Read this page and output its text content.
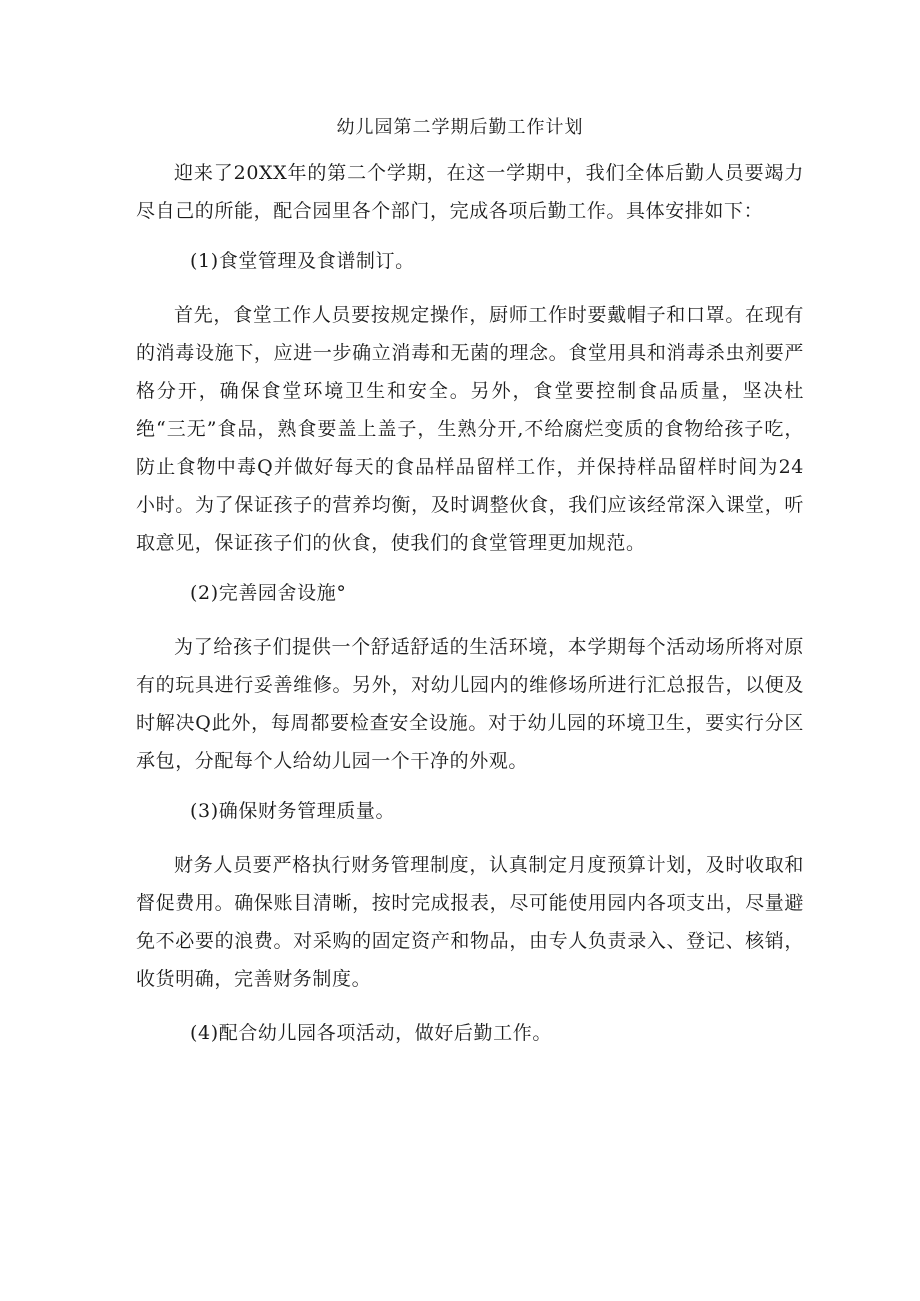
幼儿园第二学期后勤工作计划

迎来了20XX年的第二个学期，在这一学期中，我们全体后勤人员要竭力尽自己的所能，配合园里各个部门，完成各项后勤工作。具体安排如下：

(1)食堂管理及食谱制订。

首先，食堂工作人员要按规定操作，厨师工作时要戴帽子和口罩。在现有的消毒设施下，应进一步确立消毒和无菌的理念。食堂用具和消毒杀虫剂要严格分开，确保食堂环境卫生和安全。另外，食堂要控制食品质量，坚决杜绝“三无”食品，熟食要盖上盖子，生熟分开,不给腐烂变质的食物给孩子吃，防止食物中毒Q并做好每天的食品样品留样工作，并保持样品留样时间为24小时。为了保证孩子的营养均衡，及时调整伙食，我们应该经常深入课堂，听取意见，保证孩子们的伙食，使我们的食堂管理更加规范。

(2)完善园舍设施°

为了给孩子们提供一个舒适舒适的生活环境，本学期每个活动场所将对原有的玩具进行妥善维修。另外，对幼儿园内的维修场所进行汇总报告，以便及时解决Q此外，每周都要检查安全设施。对于幼儿园的环境卫生，要实行分区承包，分配每个人给幼儿园一个干净的外观。

(3)确保财务管理质量。

财务人员要严格执行财务管理制度，认真制定月度预算计划，及时收取和督促费用。确保账目清晰，按时完成报表，尽可能使用园内各项支出，尽量避免不必要的浪费。对采购的固定资产和物品，由专人负责录入、登记、核销，收货明确，完善财务制度。

(4)配合幼儿园各项活动，做好后勤工作。
